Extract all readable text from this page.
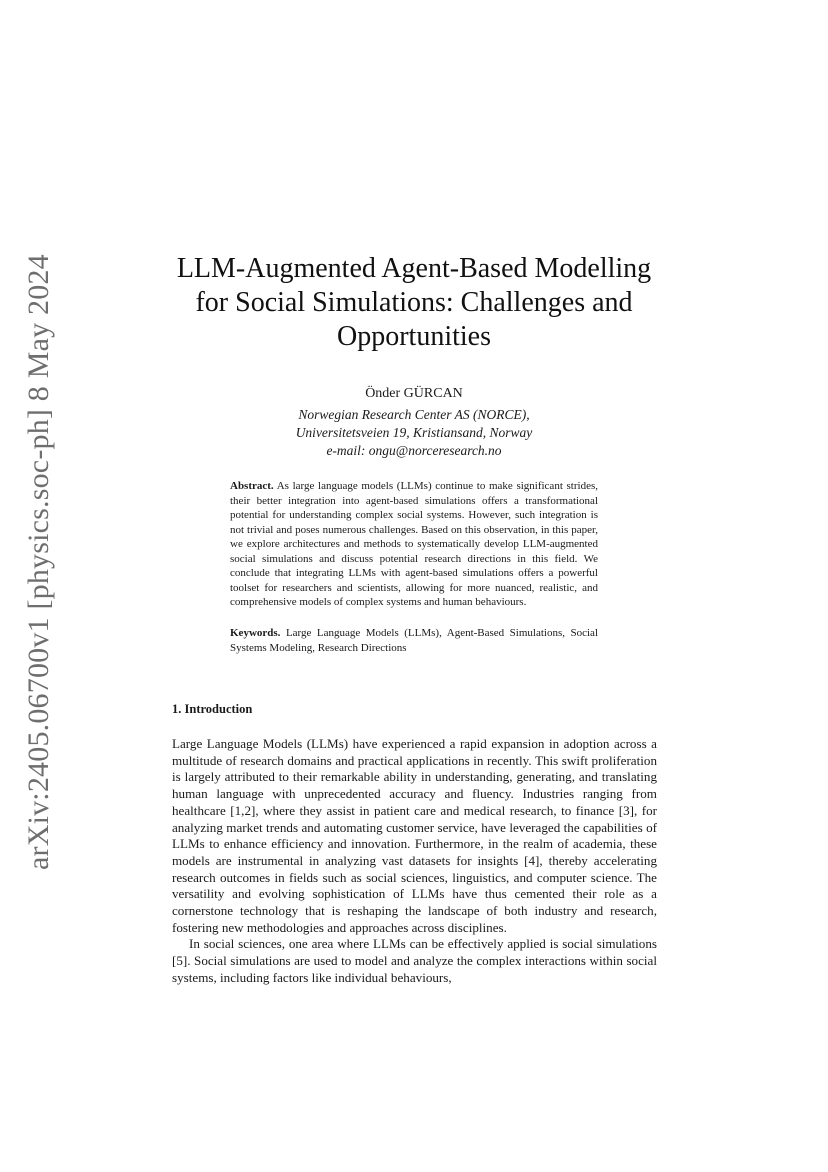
arXiv:2405.06700v1 [physics.soc-ph] 8 May 2024	LLM-Augmented Agent-Based Modelling
for Social Simulations: Challenges and
Opportunities
Önder GÜRCAN
Norwegian Research Center AS (NORCE),
Universitetsveien 19, Kristiansand, Norway
e-mail: ongu@norceresearch.no
Abstract. As large language models (LLMs) continue to make significant strides, their better integration into agent-based simulations offers a transformational potential for understanding complex social systems. However, such integration is not trivial and poses numerous challenges. Based on this observation, in this paper, we explore architectures and methods to systematically develop LLM-augmented social simulations and discuss potential research directions in this field. We conclude that integrating LLMs with agent-based simulations offers a powerful toolset for researchers and scientists, allowing for more nuanced, realistic, and comprehensive models of complex systems and human behaviours.
Keywords. Large Language Models (LLMs), Agent-Based Simulations, Social Systems Modeling, Research Directions
1. Introduction

Large Language Models (LLMs) have experienced a rapid expansion in adoption across a multitude of research domains and practical applications in recently. This swift proliferation is largely attributed to their remarkable ability in understanding, generating, and translating human language with unprecedented accuracy and fluency. Industries ranging from healthcare [1,2], where they assist in patient care and medical research, to finance [3], for analyzing market trends and automating customer service, have leveraged the capabilities of LLMs to enhance efficiency and innovation. Furthermore, in the realm of academia, these models are instrumental in analyzing vast datasets for insights [4], thereby accelerating research outcomes in fields such as social sciences, linguistics, and computer science. The versatility and evolving sophistication of LLMs have thus cemented their role as a cornerstone technology that is reshaping the landscape of both industry and research, fostering new methodologies and approaches across disciplines.

In social sciences, one area where LLMs can be effectively applied is social simulations [5]. Social simulations are used to model and analyze the complex interactions within social systems, including factors like individual behaviours,
